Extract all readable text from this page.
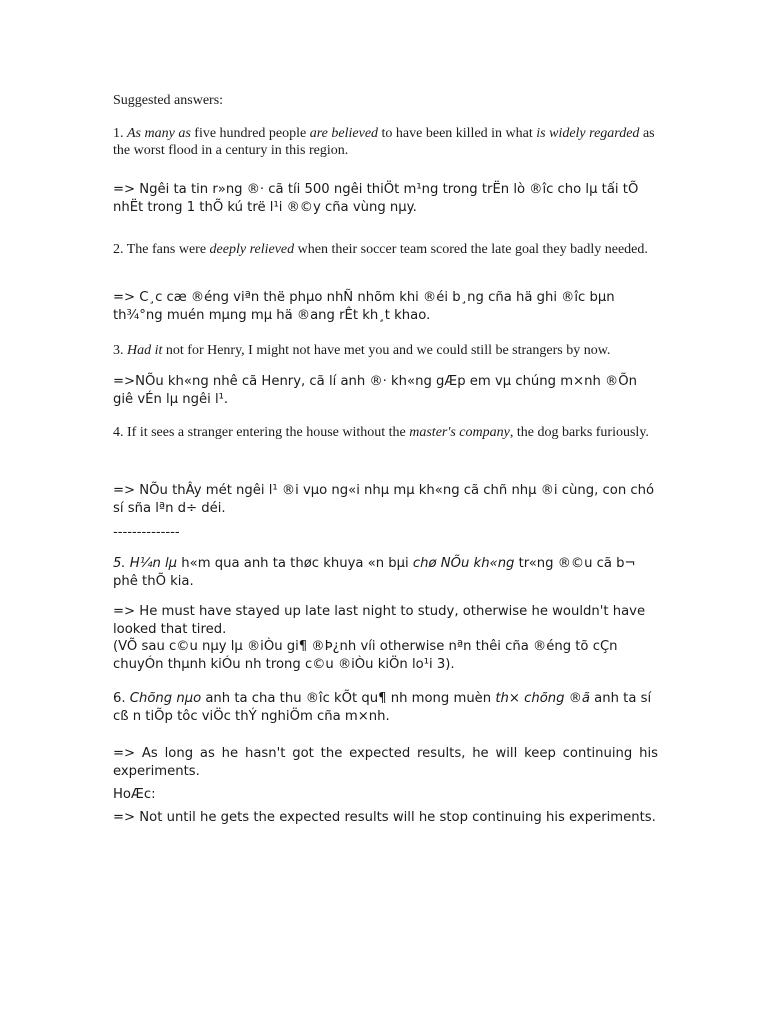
Suggested answers:

1. As many as five hundred people are believed to have been killed in what is widely regarded as the worst flood in a century in this region.

=> Ngêi ta tin r»ng ®· cã tíi 500 ngêi thiÖt m¹ng trong trËn lò ®îc cho lµ tấi tÕ nhËt trong 1 thÕ kú trë l¹i ®©y cña vùng nµy.

2. The fans were deeply relieved when their soccer team scored the late goal they badly needed.

=> C¸c cæ ®éng viªn thë phµo nhÑ nhõm khi ®éi b¸ng cña hä ghi ®îc bµn th¾°ng muén mµng mµ hä ®ang rÊt kh¸t khao.

3. Had it not for Henry, I might not have met you and we could still be strangers by now.

=>NÕu kh«ng nhê cã Henry, cã lí anh ®· kh«ng gÆp em vµ chúng m×nh ®Õn giê vÉn lµ ngêi l¹.

4. If it sees a stranger entering the house without the master's company, the dog barks furiously.

=> NÕu thÂy mét ngêi l¹ ®i vµo ng«i nhµ mµ kh«ng cã chñ nhµ ®i cùng, con chó sí sña lªn d÷ déi.

--------------

5. H¼n lµ h«m qua anh ta thøc khuya «n bµi chø NÕu kh«ng tr«ng ®©u cã b¬ phê thÕ kia.

=> He must have stayed up late last night to study, otherwise he wouldn't have looked that tired.

(VÕ sau c©u nµy lµ ®iÒu gi¶ ®Þ¿nh víi otherwise nªn thêi cña ®éng tõ cÇn chuyÓn thµnh kiÓu nh trong c©u ®iÒu kiÖn lo¹i 3).

6. Chõng nµo anh ta cha thu ®îc kÕt qu¶ nh mong muèn th× chõng ®ã anh ta sí cß n tiÕp tôc viÖc thÝ nghiÖm cña m×nh.

=> As long as he hasn't got the expected results, he will keep continuing his experiments.

HoÆc:

=> Not until he gets the expected results will he stop continuing his experiments.
